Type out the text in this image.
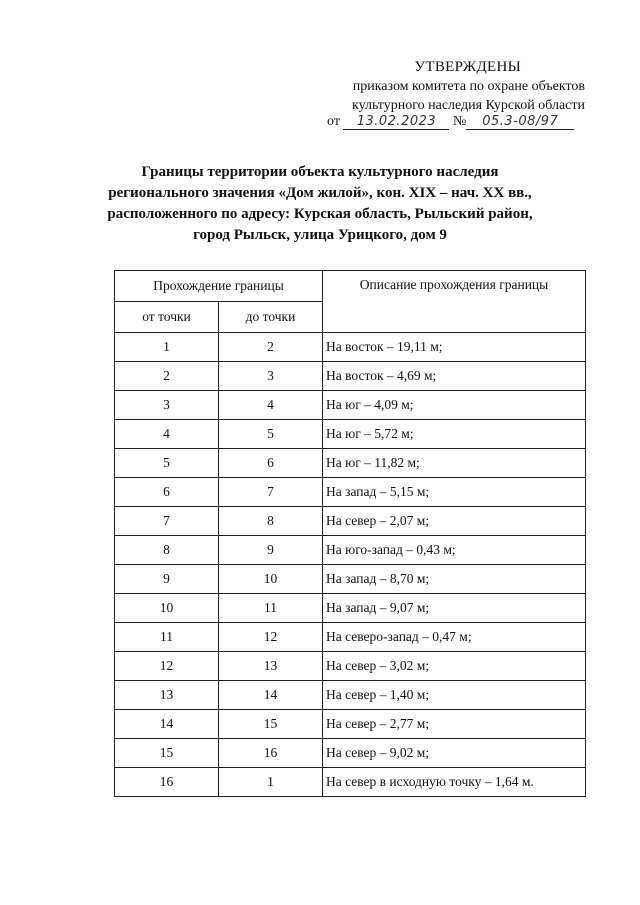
УТВЕРЖДЕНЫ
приказом комитета по охране объектов
культурного наследия Курской области
от 13.02.2023 № 05.3-08/97
Границы территории объекта культурного наследия
регионального значения «Дом жилой», кон. XIX – нач. XX вв.,
расположенного по адресу: Курская область, Рыльский район,
город Рыльск, улица Урицкого, дом 9
Прохождение границы		Описание прохождения границы
от точки	до точки	
1	2	На восток – 19,11 м;
2	3	На восток – 4,69 м;
3	4	На юг – 4,09 м;
4	5	На юг – 5,72 м;
5	6	На юг – 11,82 м;
6	7	На запад – 5,15 м;
7	8	На север – 2,07 м;
8	9	На юго-запад – 0,43 м;
9	10	На запад – 8,70 м;
10	11	На запад – 9,07 м;
11	12	На северо-запад – 0,47 м;
12	13	На север – 3,02 м;
13	14	На север – 1,40 м;
14	15	На север – 2,77 м;
15	16	На север – 9,02 м;
16	1	На север в исходную точку – 1,64 м.
